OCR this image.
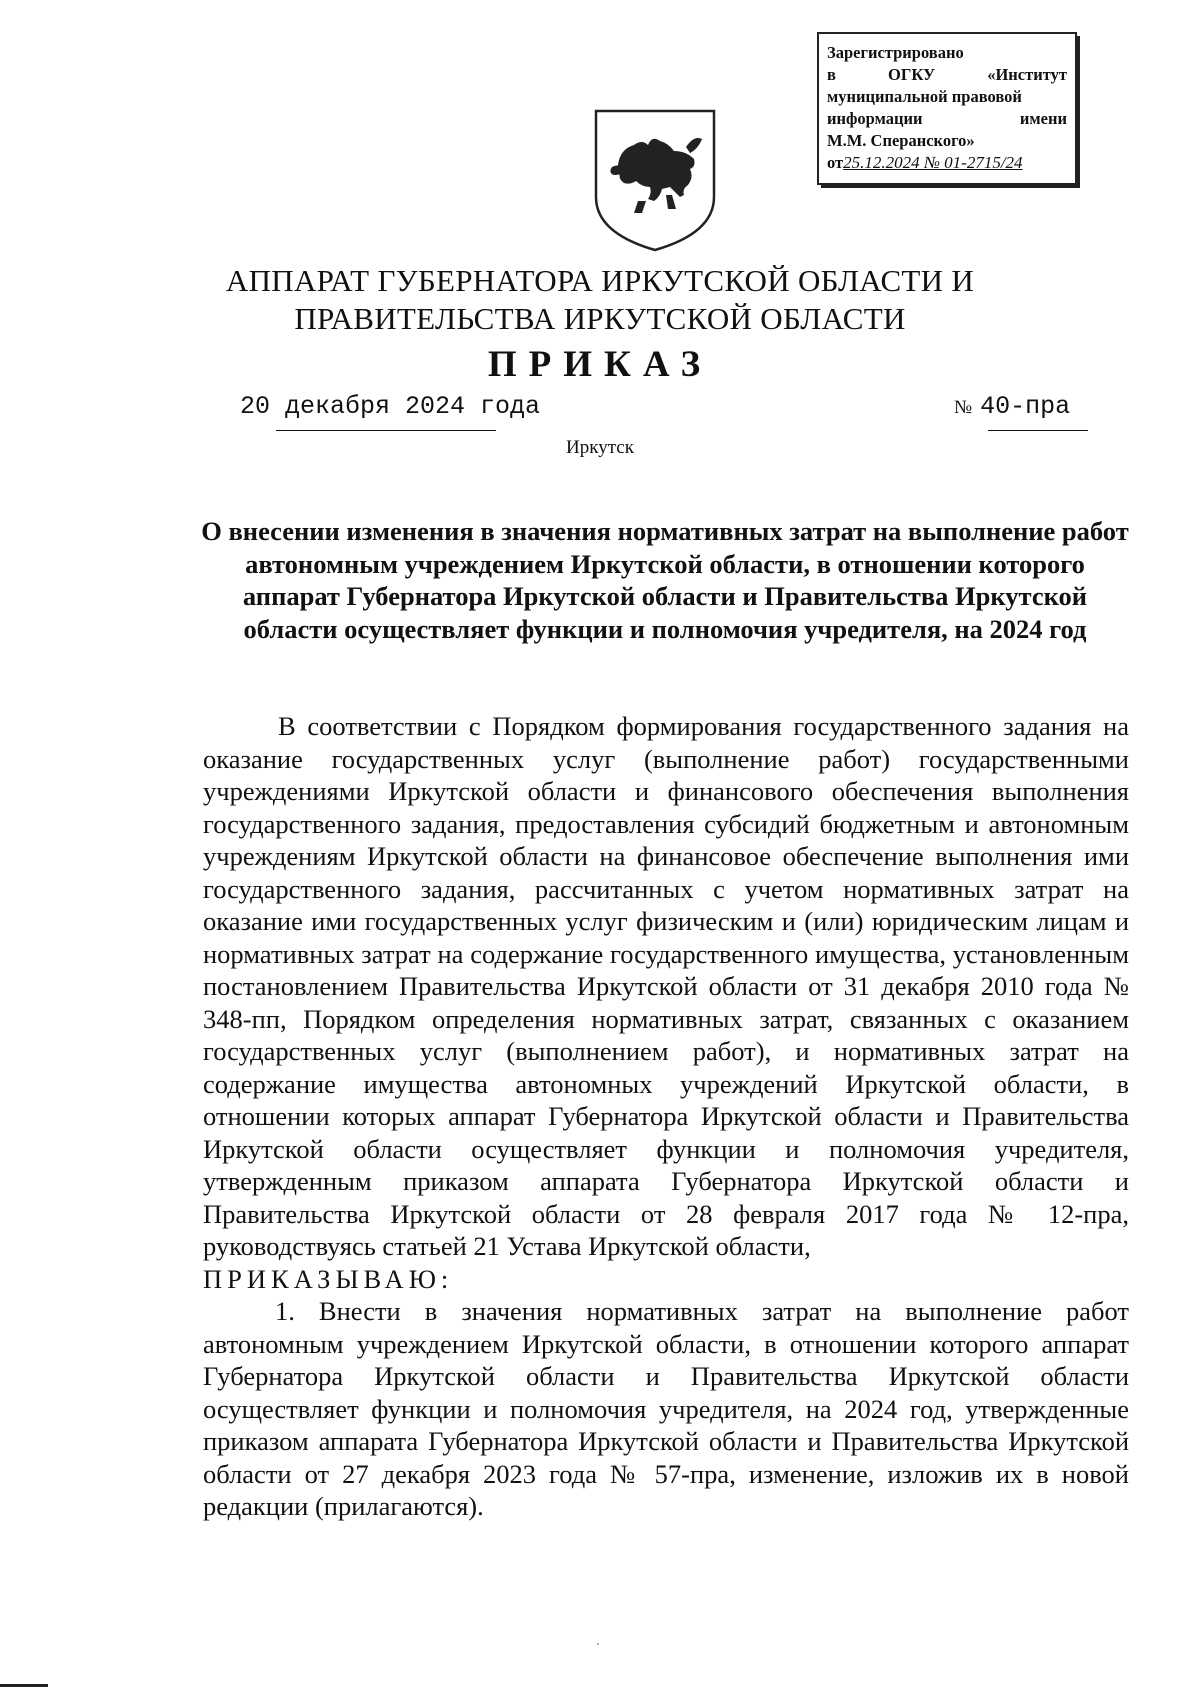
Зарегистрировано
в	ОГКУ	«Институт
муниципальной правовой
информации	имени
М.М. Сперанского»
от 25.12.2024 № 01-2715/24
АППАРАТ ГУБЕРНАТОРА ИРКУТСКОЙ ОБЛАСТИ И
ПРАВИТЕЛЬСТВА ИРКУТСКОЙ ОБЛАСТИ
ПРИКАЗ
20 декабря 2024 года	№ 40-пра
Иркутск
О внесении изменения в значения нормативных затрат на выполнение работ автономным учреждением Иркутской области, в отношении которого аппарат Губернатора Иркутской области и Правительства Иркутской области осуществляет функции и полномочия учредителя, на 2024 год

В соответствии с Порядком формирования государственного задания на оказание государственных услуг (выполнение работ) государственными учреждениями Иркутской области и финансового обеспечения выполнения государственного задания, предоставления субсидий бюджетным и автономным учреждениям Иркутской области на финансовое обеспечение выполнения ими государственного задания, рассчитанных с учетом нормативных затрат на оказание ими государственных услуг физическим и (или) юридическим лицам и нормативных затрат на содержание государственного имущества, установленным постановлением Правительства Иркутской области от 31 декабря 2010 года № 348-пп, Порядком определения нормативных затрат, связанных с оказанием государственных услуг (выполнением работ), и нормативных затрат на содержание имущества автономных учреждений Иркутской области, в отношении которых аппарат Губернатора Иркутской области и Правительства Иркутской области осуществляет функции и полномочия учредителя, утвержденным приказом аппарата Губернатора Иркутской области и Правительства Иркутской области от 28 февраля 2017 года № 12-пра, руководствуясь статьей 21 Устава Иркутской области,

ПРИКАЗЫВАЮ:

1. Внести в значения нормативных затрат на выполнение работ автономным учреждением Иркутской области, в отношении которого аппарат Губернатора Иркутской области и Правительства Иркутской области осуществляет функции и полномочия учредителя, на 2024 год, утвержденные приказом аппарата Губернатора Иркутской области и Правительства Иркутской области от 27 декабря 2023 года № 57-пра, изменение, изложив их в новой редакции (прилагаются).
